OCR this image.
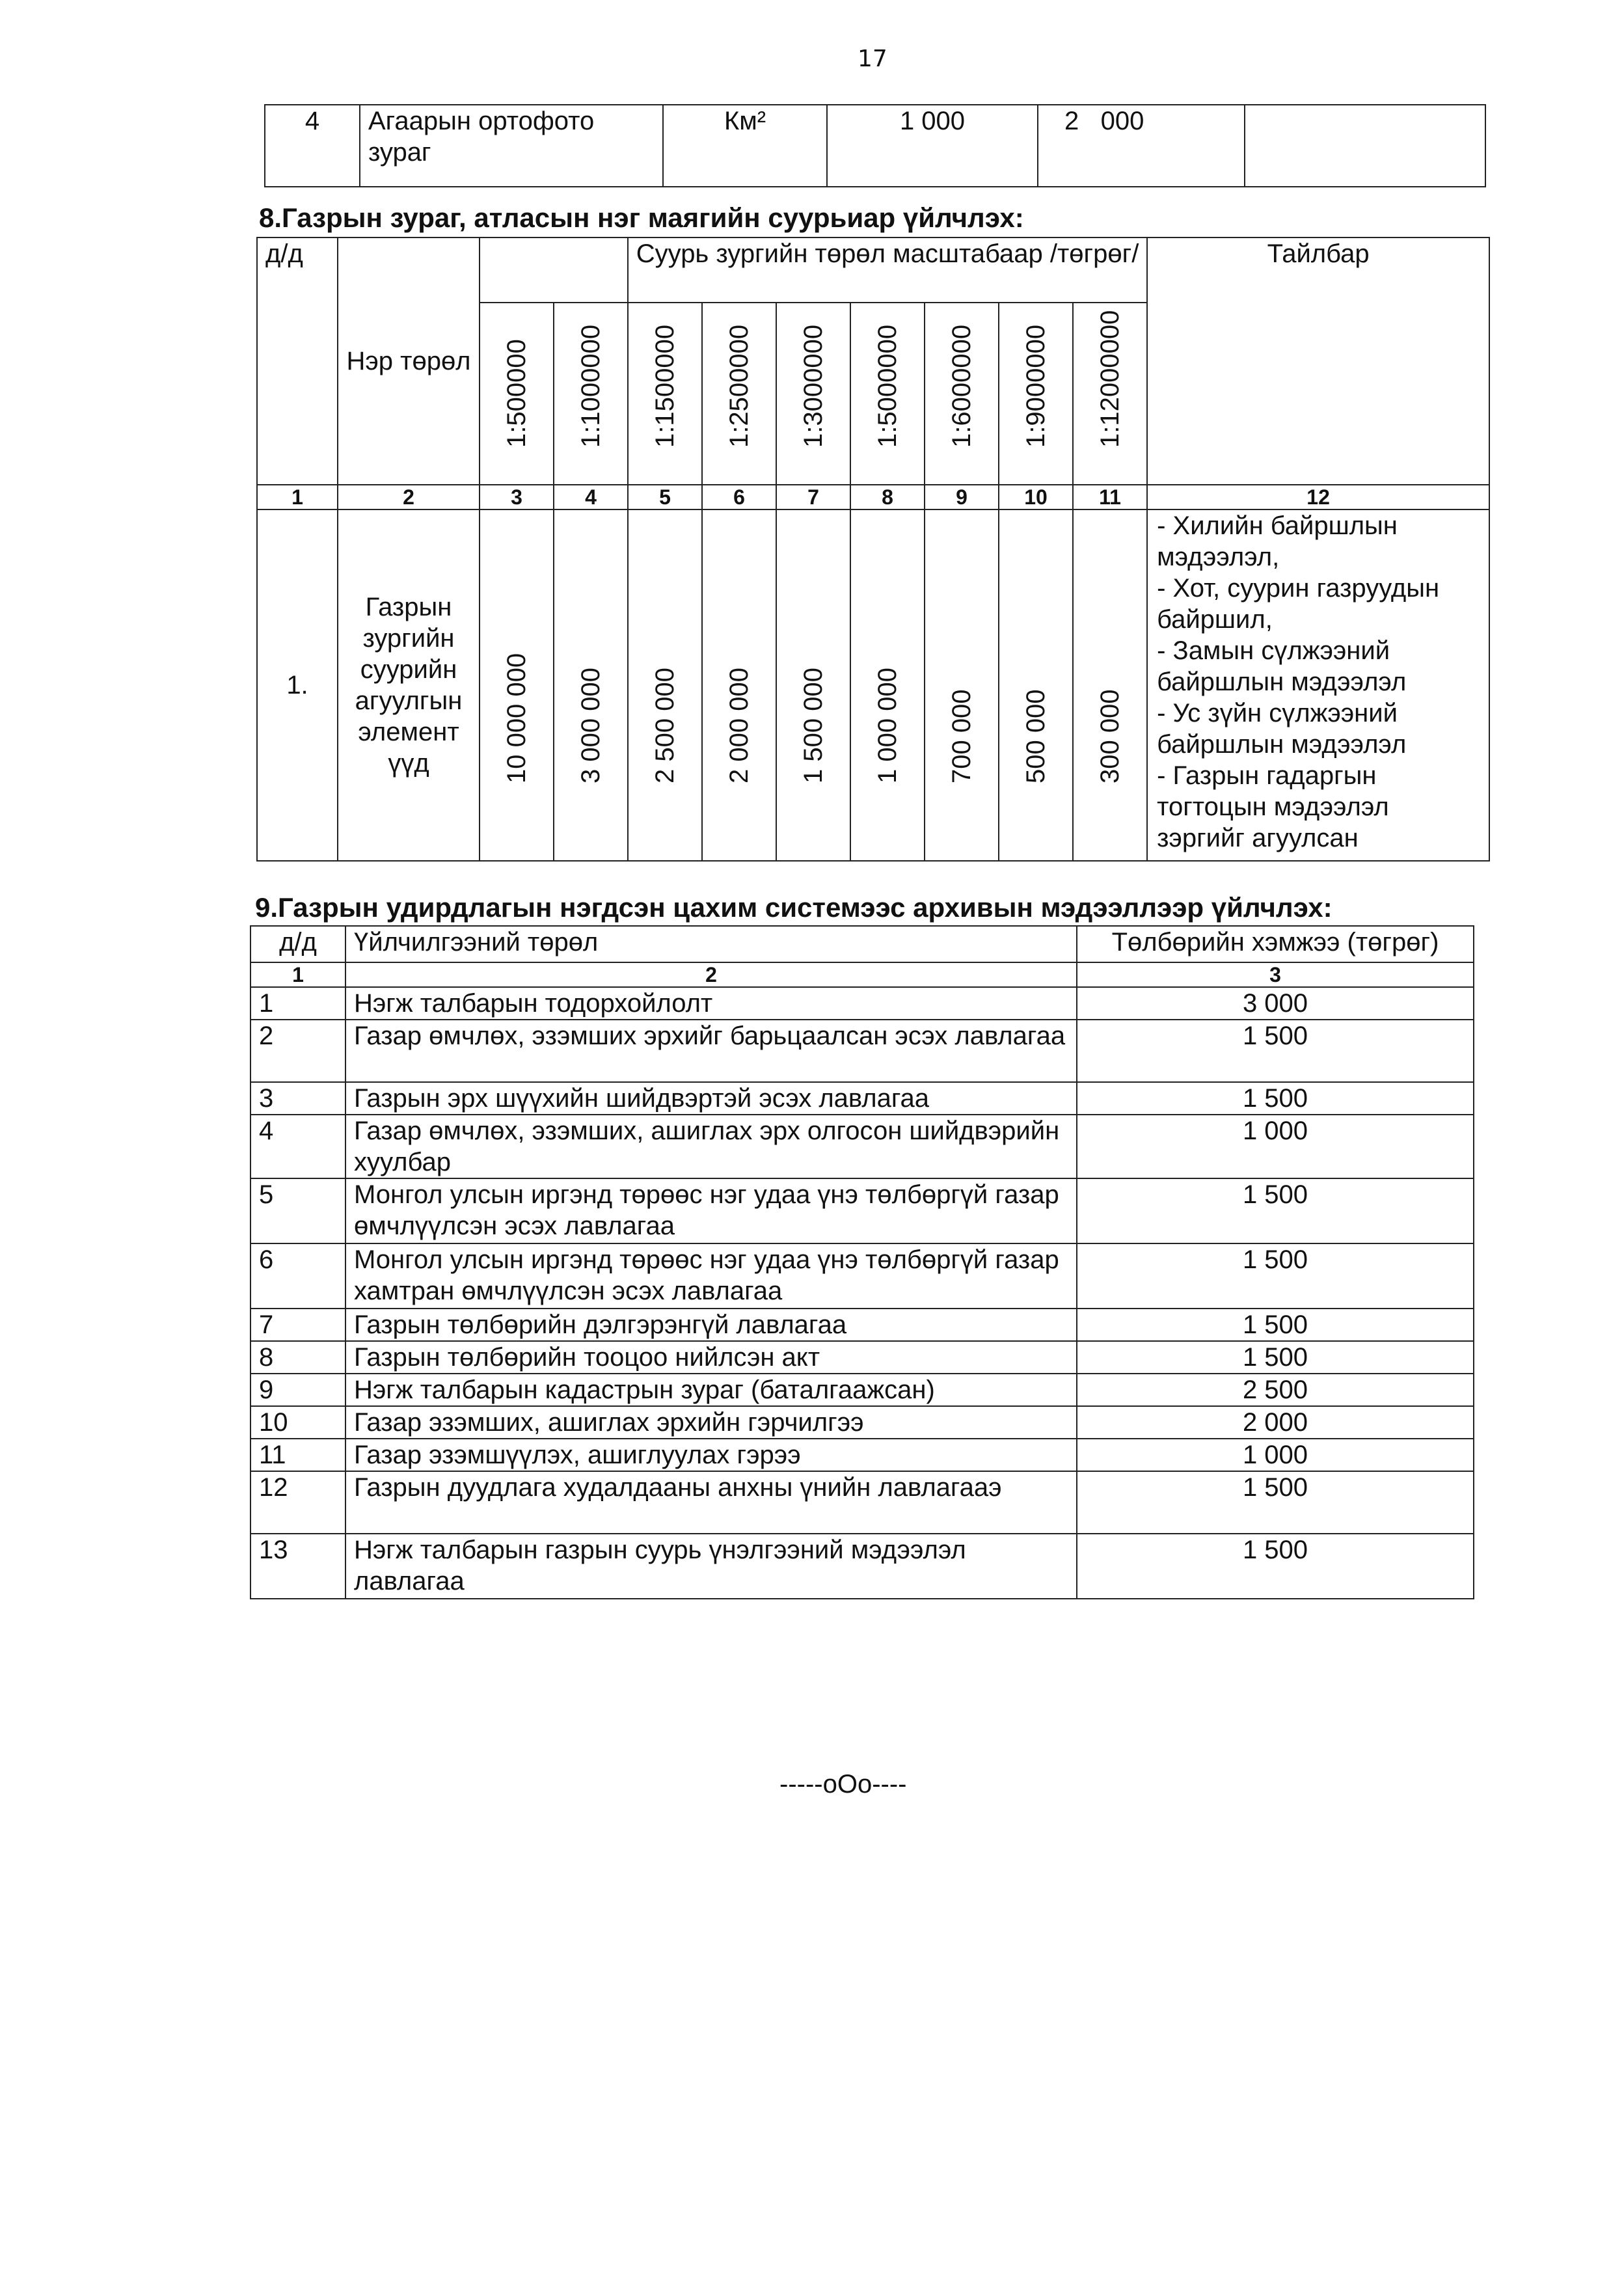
17
4	Агаарын ортофото зураг	Км²	1 000	2   000	
8.Газрын зураг, атласын нэг маягийн суурьиар үйлчлэх:
д/д	Нэр төрөл			Суурь зургийн төрөл масштабаар /төгрөг/							Тайлбар

		1:500000	1:1000000	1:1500000	1:2500000	1:3000000	1:5000000	1:6000000	1:9000000	1:12000000	

1	2	3	4	5	6	7	8	9	10	11	12
1.	Газрын зургийн суурийн агуулгын элемент үүд	10 000 000	3 000 000	2 500 000	2 000 000	1 500 000	1 000 000	700 000	500 000	300 000	- Хилийн байршлын мэдээлэл,
- Хот, суурин газруудын байршил,
- Замын сүлжээний байршлын мэдээлэл
- Ус зүйн сүлжээний байршлын мэдээлэл
- Газрын гадаргын тогтоцын мэдээлэл зэргийг агуулсан
9.Газрын удирдлагын нэгдсэн цахим системээс архивын мэдээллээр үйлчлэх:
д/д	Үйлчилгээний төрөл	Төлбөрийн хэмжээ (төгрөг)
1	2	3
1	Нэгж талбарын тодорхойлолт	3 000
2	Газар өмчлөх, эзэмших эрхийг барьцаалсан эсэх лавлагаа	1 500
3	Газрын эрх шүүхийн шийдвэртэй эсэх лавлагаа	1 500
4	Газар өмчлөх, эзэмших, ашиглах эрх олгосон шийдвэрийн хуулбар	1 000
5	Монгол улсын иргэнд төрөөс нэг удаа үнэ төлбөргүй газар өмчлүүлсэн эсэх лавлагаа	1 500
6	Монгол улсын иргэнд төрөөс нэг удаа үнэ төлбөргүй газар хамтран өмчлүүлсэн эсэх лавлагаа	1 500
7	Газрын төлбөрийн дэлгэрэнгүй лавлагаа	1 500
8	Газрын төлбөрийн тооцоо нийлсэн акт	1 500
9	Нэгж талбарын кадастрын зураг (баталгаажсан)	2 500
10	Газар эзэмших, ашиглах эрхийн гэрчилгээ	2 000
11	Газар эзэмшүүлэх, ашиглуулах гэрээ	1 000
12	Газрын дуудлага худалдааны анхны үнийн лавлагааэ	1 500
13	Нэгж талбарын газрын суурь үнэлгээний мэдээлэл лавлагаа	1 500
-----oOo----
